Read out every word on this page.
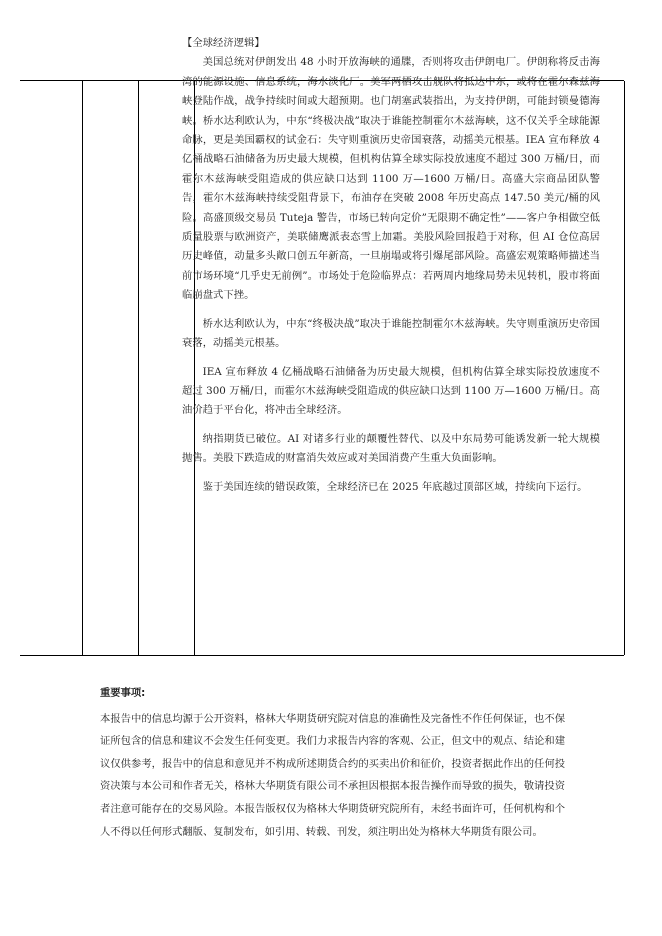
【全球经济逻辑】

美国总统对伊朗发出 48 小时开放海峡的通牒，否则将攻击伊朗电厂。伊朗称将反击海湾的能源设施、信息系统，海水淡化厂。美军两栖攻击舰队将抵达中东，或将在霍尔森兹海峡登陆作战，战争持续时间或大超预期。也门胡塞武装指出，为支持伊朗，可能封锁曼德海峡。桥水达利欧认为，中东“终极决战”取决于谁能控制霍尔木兹海峡，这不仅关乎全球能源命脉，更是美国霸权的试金石：失守则重演历史帝国衰落，动摇美元根基。IEA 宣布释放 4 亿桶战略石油储备为历史最大规模，但机构估算全球实际投放速度不超过 300 万桶/日，而霍尔木兹海峡受阻造成的供应缺口达到 1100 万—1600 万桶/日。高盛大宗商品团队警告，霍尔木兹海峡持续受阻背景下，布油存在突破 2008 年历史高点 147.50 美元/桶的风险。高盛顶级交易员 Tuteja 警告，市场已转向定价”无限期不确定性”——客户争相做空低质量股票与欧洲资产，美联储鹰派表态雪上加霜。美股风险回报趋于对称，但 AI 仓位高居历史峰值，动量多头敞口创五年新高，一旦崩塌或将引爆尾部风险。高盛宏观策略师描述当前市场环境“几乎史无前例”。市场处于危险临界点：若两周内地缘局势未见转机，股市将面临崩盘式下挫。

桥水达利欧认为，中东“终极决战”取决于谁能控制霍尔木兹海峡。失守则重演历史帝国衰落，动摇美元根基。

IEA 宣布释放 4 亿桶战略石油储备为历史最大规模，但机构估算全球实际投放速度不超过 300 万桶/日，而霍尔木兹海峡受阻造成的供应缺口达到 1100 万—1600 万桶/日。高油价趋于平台化，将冲击全球经济。

纳指期货已破位。AI 对诸多行业的颠覆性替代、以及中东局势可能诱发新一轮大规模抛售。美股下跌造成的财富消失效应或对美国消费产生重大负面影响。

鉴于美国连续的错误政策，全球经济已在 2025 年底越过顶部区域，持续向下运行。

重要事项:
本报告中的信息均源于公开资料，格林大华期货研究院对信息的准确性及完备性不作任何保证，也不保证所包含的信息和建议不会发生任何变更。我们力求报告内容的客观、公正，但文中的观点、结论和建议仅供参考，报告中的信息和意见并不构成所述期货合约的买卖出价和征价，投资者据此作出的任何投资决策与本公司和作者无关，格林大华期货有限公司不承担因根据本报告操作而导致的损失，敬请投资者注意可能存在的交易风险。本报告版权仅为格林大华期货研究院所有，未经书面许可，任何机构和个人不得以任何形式翻版、复制发布，如引用、转载、刊发，须注明出处为格林大华期货有限公司。
